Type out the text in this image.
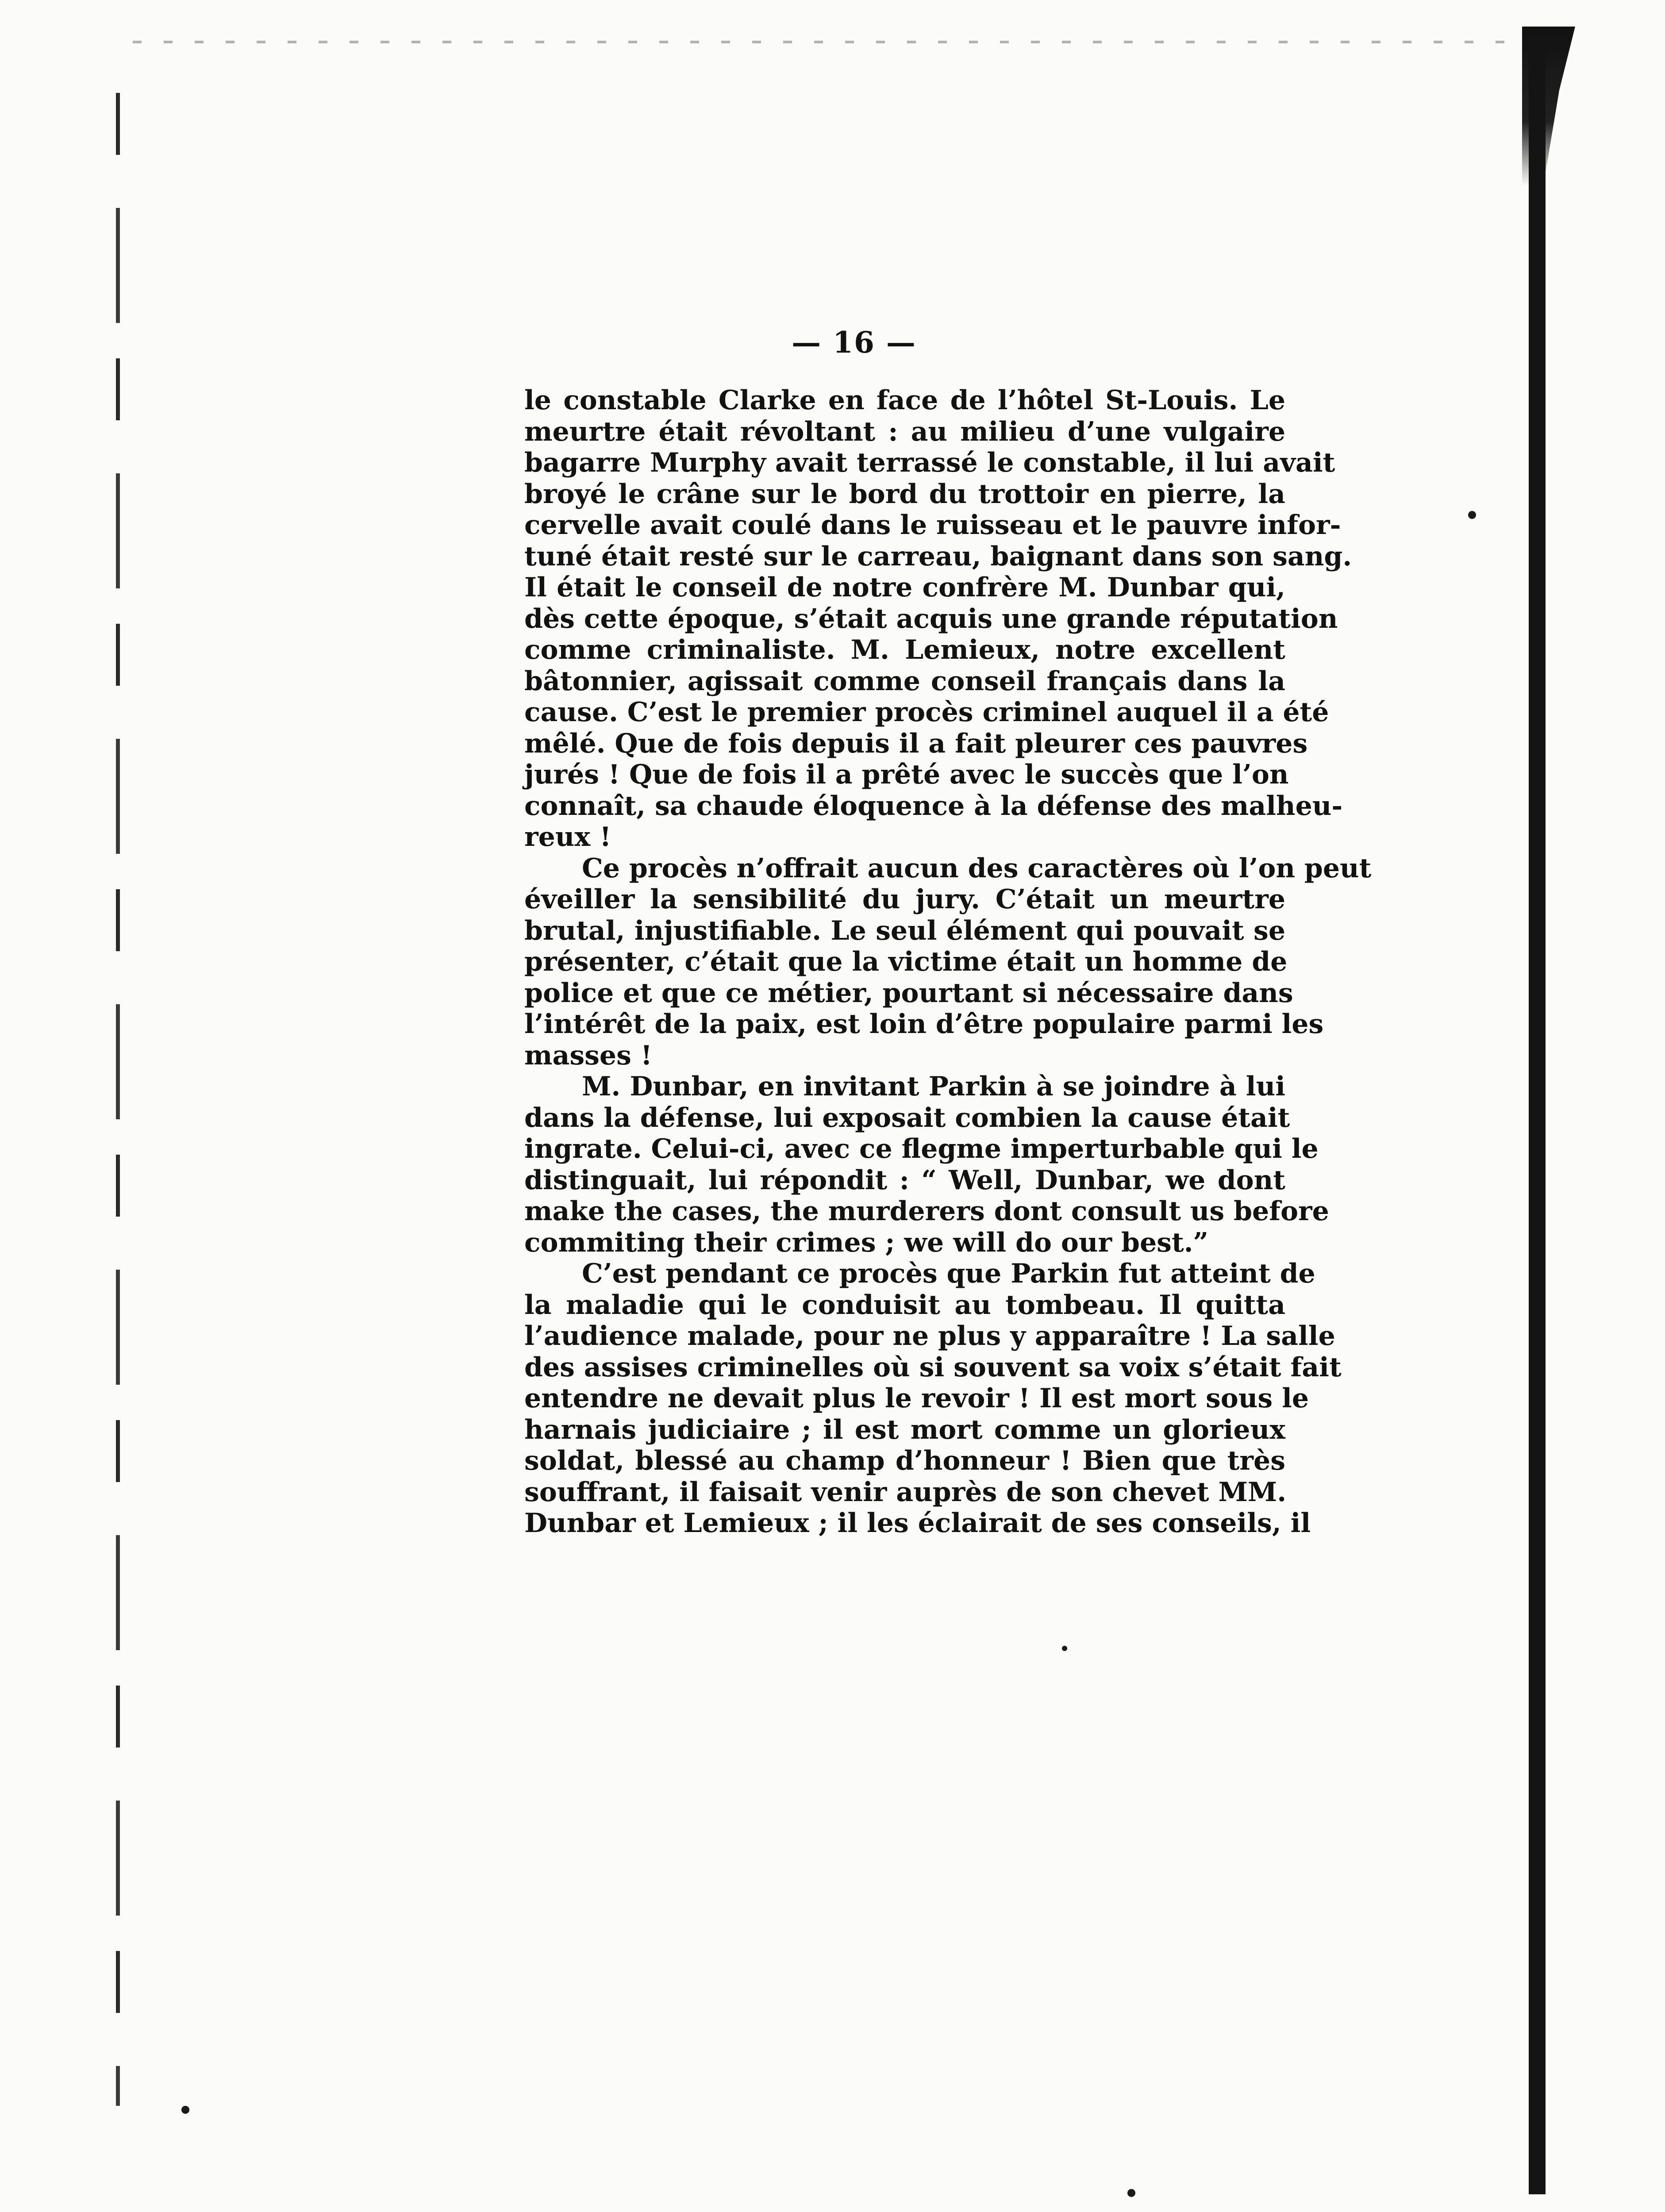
— 16 —
le constable Clarke en face de l’hôtel St-Louis. Le
meurtre était révoltant : au milieu d’une vulgaire
bagarre Murphy avait terrassé le constable, il lui avait
broyé le crâne sur le bord du trottoir en pierre, la
cervelle avait coulé dans le ruisseau et le pauvre infor-
tuné était resté sur le carreau, baignant dans son sang.
Il était le conseil de notre confrère M. Dunbar qui,
dès cette époque, s’était acquis une grande réputation
comme criminaliste. M. Lemieux, notre excellent
bâtonnier, agissait comme conseil français dans la
cause. C’est le premier procès criminel auquel il a été
mêlé. Que de fois depuis il a fait pleurer ces pauvres
jurés ! Que de fois il a prêté avec le succès que l’on
connaît, sa chaude éloquence à la défense des malheu-
reux !
Ce procès n’offrait aucun des caractères où l’on peut
éveiller la sensibilité du jury. C’était un meurtre
brutal, injustifiable. Le seul élément qui pouvait se
présenter, c’était que la victime était un homme de
police et que ce métier, pourtant si nécessaire dans
l’intérêt de la paix, est loin d’être populaire parmi les
masses !
M. Dunbar, en invitant Parkin à se joindre à lui
dans la défense, lui exposait combien la cause était
ingrate. Celui-ci, avec ce flegme imperturbable qui le
distinguait, lui répondit : “ Well, Dunbar, we dont
make the cases, the murderers dont consult us before
commiting their crimes ; we will do our best.”
C’est pendant ce procès que Parkin fut atteint de
la maladie qui le conduisit au tombeau. Il quitta
l’audience malade, pour ne plus y apparaître ! La salle
des assises criminelles où si souvent sa voix s’était fait
entendre ne devait plus le revoir ! Il est mort sous le
harnais judiciaire ; il est mort comme un glorieux
soldat, blessé au champ d’honneur ! Bien que très
souffrant, il faisait venir auprès de son chevet MM.
Dunbar et Lemieux ; il les éclairait de ses conseils, il
